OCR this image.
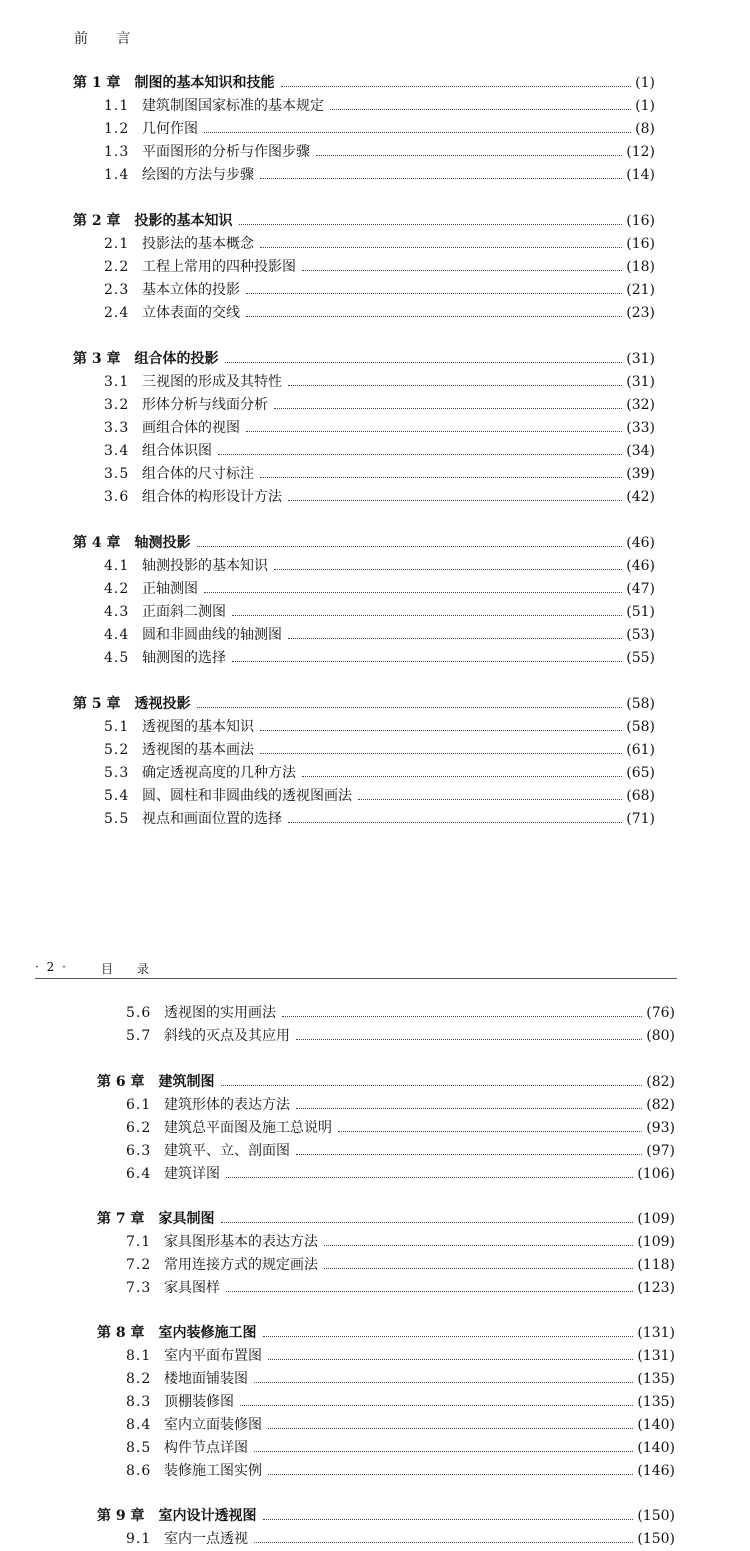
前 言
第 1 章 制图的基本知识和技能	(1)
1.1 建筑制图国家标准的基本规定	(1)
1.2 几何作图	(8)
1.3 平面图形的分析与作图步骤	(12)
1.4 绘图的方法与步骤	(14)
第 2 章 投影的基本知识	(16)
2.1 投影法的基本概念	(16)
2.2 工程上常用的四种投影图	(18)
2.3 基本立体的投影	(21)
2.4 立体表面的交线	(23)
第 3 章 组合体的投影	(31)
3.1 三视图的形成及其特性	(31)
3.2 形体分析与线面分析	(32)
3.3 画组合体的视图	(33)
3.4 组合体识图	(34)
3.5 组合体的尺寸标注	(39)
3.6 组合体的构形设计方法	(42)
第 4 章 轴测投影	(46)
4.1 轴测投影的基本知识	(46)
4.2 正轴测图	(47)
4.3 正面斜二测图	(51)
4.4 圆和非圆曲线的轴测图	(53)
4.5 轴测图的选择	(55)
第 5 章 透视投影	(58)
5.1 透视图的基本知识	(58)
5.2 透视图的基本画法	(61)
5.3 确定透视高度的几种方法	(65)
5.4 圆、圆柱和非圆曲线的透视图画法	(68)
5.5 视点和画面位置的选择	(71)
· 2 ·	目 录
5.6 透视图的实用画法	(76)
5.7 斜线的灭点及其应用	(80)
第 6 章 建筑制图	(82)
6.1 建筑形体的表达方法	(82)
6.2 建筑总平面图及施工总说明	(93)
6.3 建筑平、立、剖面图	(97)
6.4 建筑详图	(106)
第 7 章 家具制图	(109)
7.1 家具图形基本的表达方法	(109)
7.2 常用连接方式的规定画法	(118)
7.3 家具图样	(123)
第 8 章 室内装修施工图	(131)
8.1 室内平面布置图	(131)
8.2 楼地面铺装图	(135)
8.3 顶棚装修图	(135)
8.4 室内立面装修图	(140)
8.5 构件节点详图	(140)
8.6 装修施工图实例	(146)
第 9 章 室内设计透视图	(150)
9.1 室内一点透视	(150)
